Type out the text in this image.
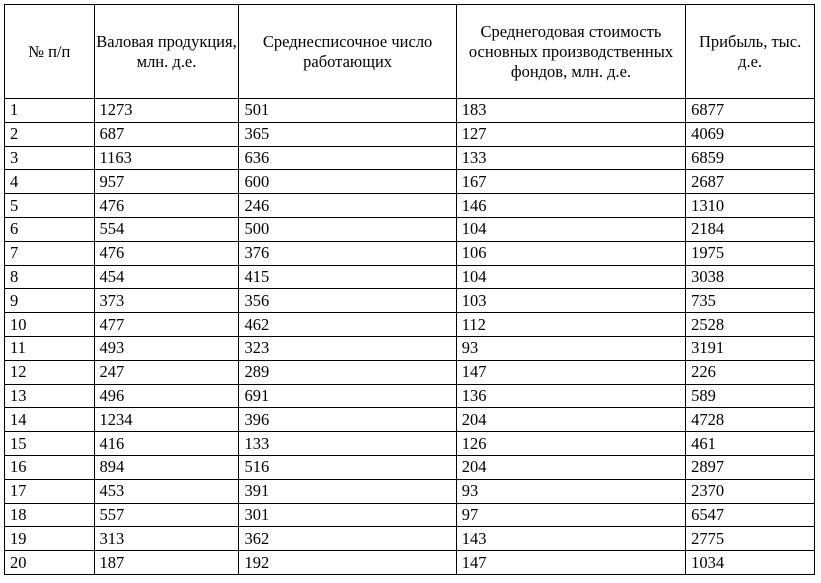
№ п/п	Валовая продукция, млн. д.е.	Среднесписочное число работающих	Среднегодовая стоимость основных производственных фондов, млн. д.е.	Прибыль, тыс. д.е.
1	1273	501	183	6877
2	687	365	127	4069
3	1163	636	133	6859
4	957	600	167	2687
5	476	246	146	1310
6	554	500	104	2184
7	476	376	106	1975
8	454	415	104	3038
9	373	356	103	735
10	477	462	112	2528
11	493	323	93	3191
12	247	289	147	226
13	496	691	136	589
14	1234	396	204	4728
15	416	133	126	461
16	894	516	204	2897
17	453	391	93	2370
18	557	301	97	6547
19	313	362	143	2775
20	187	192	147	1034
